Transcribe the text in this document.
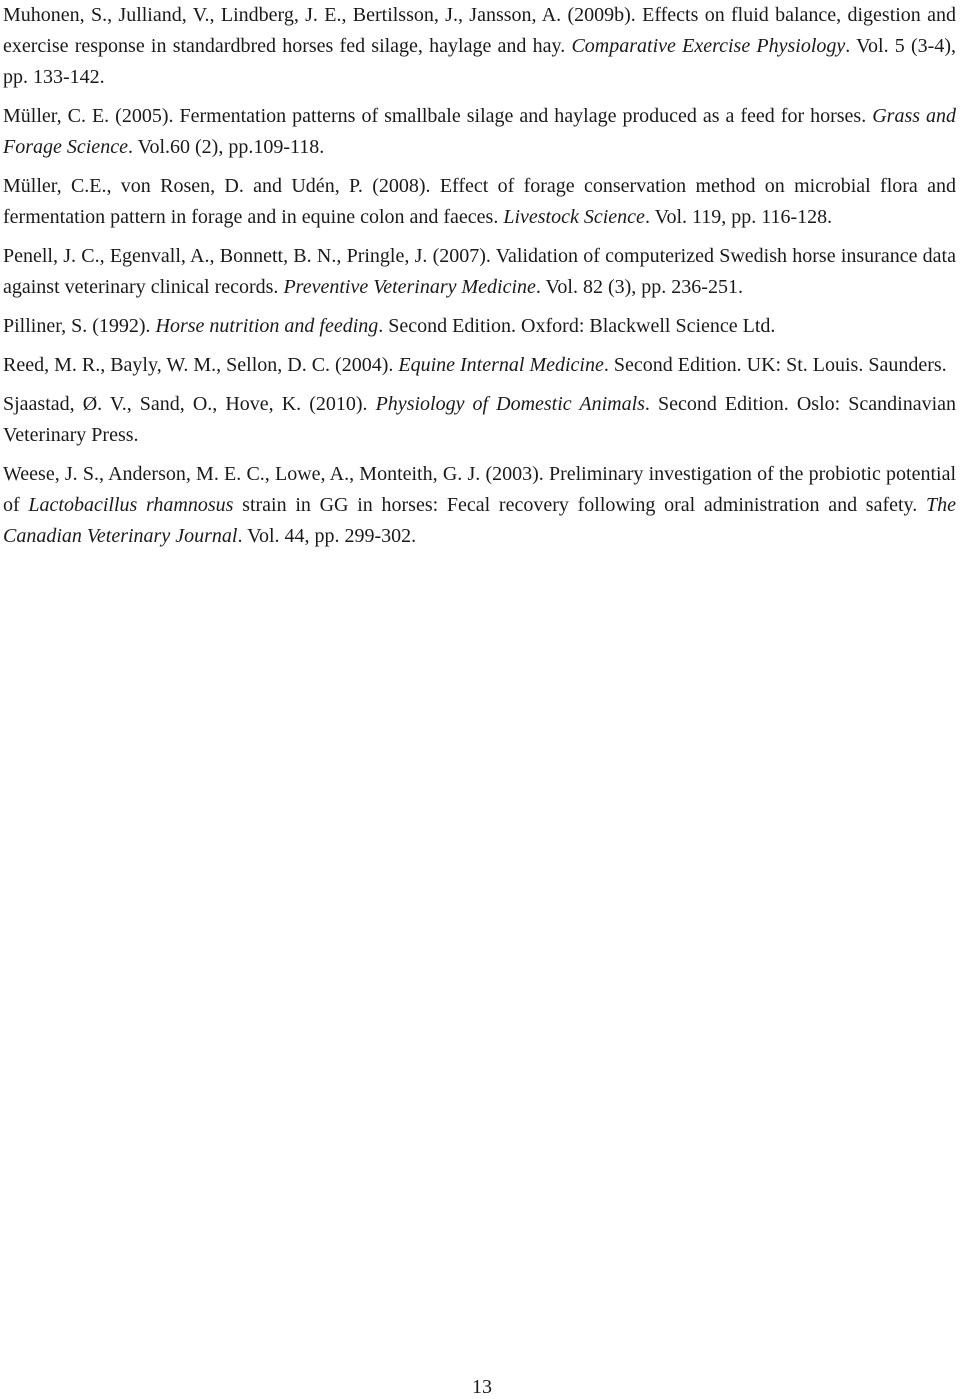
Muhonen, S., Julliand, V., Lindberg, J. E., Bertilsson, J., Jansson, A. (2009b). Effects on fluid balance, digestion and exercise response in standardbred horses fed silage, haylage and hay. Comparative Exercise Physiology. Vol. 5 (3-4), pp. 133-142.

Müller, C. E. (2005). Fermentation patterns of smallbale silage and haylage produced as a feed for horses. Grass and Forage Science. Vol.60 (2), pp.109-118.

Müller, C.E., von Rosen, D. and Udén, P. (2008). Effect of forage conservation method on microbial flora and fermentation pattern in forage and in equine colon and faeces. Livestock Science. Vol. 119, pp. 116-128.

Penell, J. C., Egenvall, A., Bonnett, B. N., Pringle, J. (2007). Validation of computerized Swedish horse insurance data against veterinary clinical records. Preventive Veterinary Medicine. Vol. 82 (3), pp. 236-251.

Pilliner, S. (1992). Horse nutrition and feeding. Second Edition. Oxford: Blackwell Science Ltd.

Reed, M. R., Bayly, W. M., Sellon, D. C. (2004). Equine Internal Medicine. Second Edition. UK: St. Louis. Saunders.

Sjaastad, Ø. V., Sand, O., Hove, K. (2010). Physiology of Domestic Animals. Second Edition. Oslo: Scandinavian Veterinary Press.

Weese, J. S., Anderson, M. E. C., Lowe, A., Monteith, G. J. (2003). Preliminary investigation of the probiotic potential of Lactobacillus rhamnosus strain in GG in horses: Fecal recovery following oral administration and safety. The Canadian Veterinary Journal. Vol. 44, pp. 299-302.

13
